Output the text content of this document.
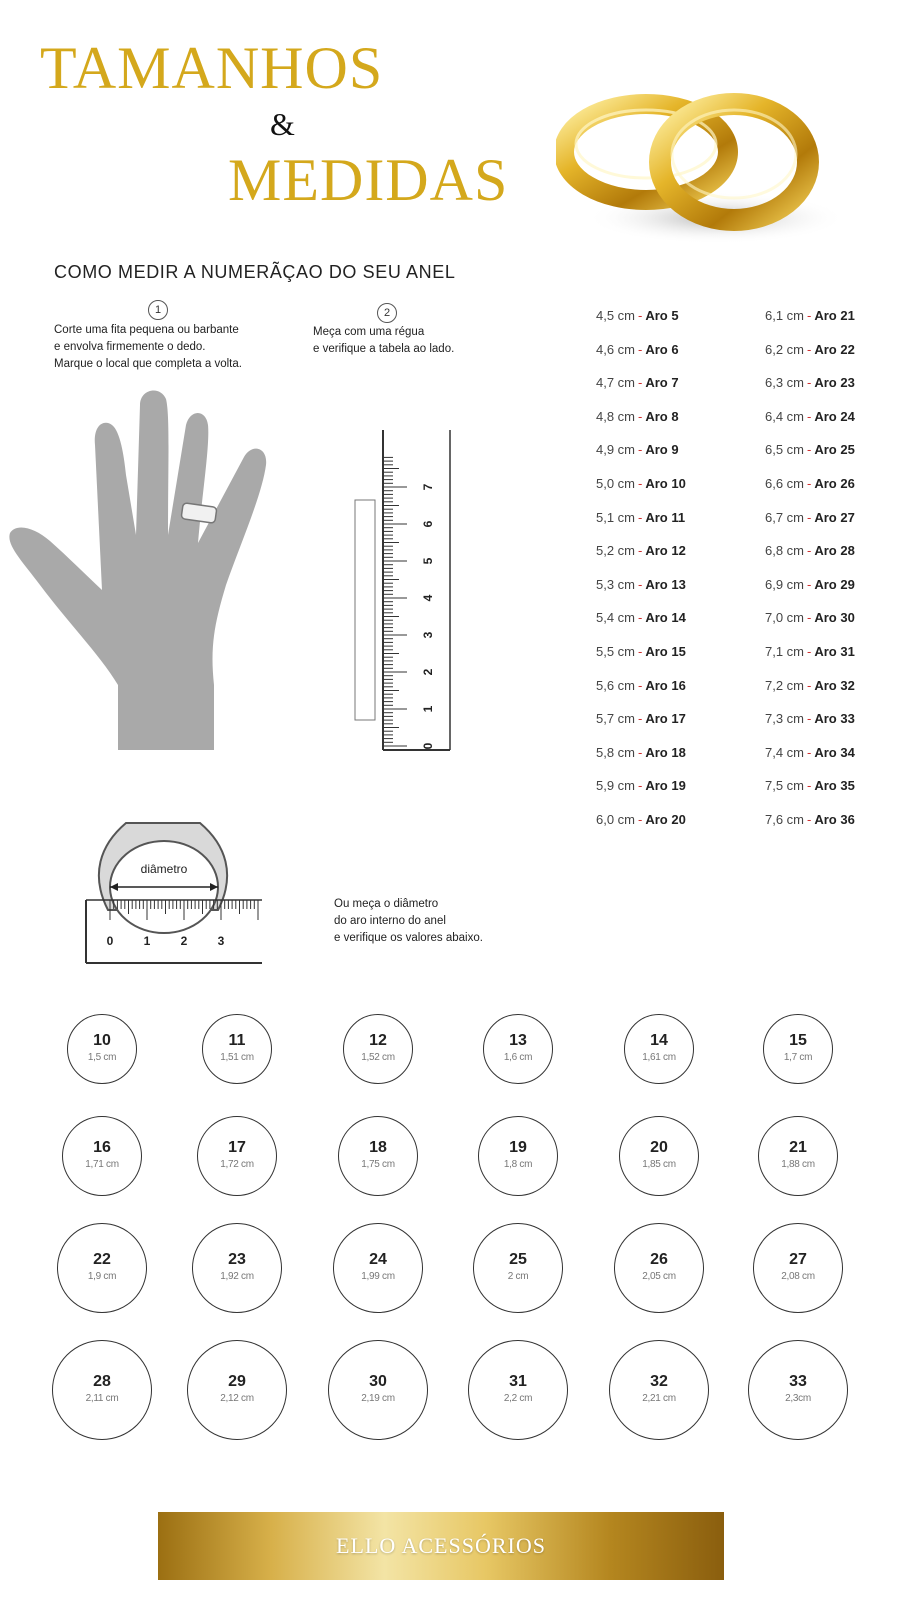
TAMANHOS
&
MEDIDAS
COMO MEDIR A NUMERÃÇAO DO SEU ANEL
1
Corte uma fita pequena ou barbante
e envolva firmemente o dedo.
Marque o local que completa a volta.
2
Meça com uma régua
e verifique a tabela ao lado.
7
6
5
4
3
2
1
0
4,5 cm - Aro 5
4,6 cm - Aro 6
4,7 cm - Aro 7
4,8 cm - Aro 8
4,9 cm - Aro 9
5,0 cm - Aro 10
5,1 cm - Aro 11
5,2 cm - Aro 12
5,3 cm - Aro 13
5,4 cm - Aro 14
5,5 cm - Aro 15
5,6 cm - Aro 16
5,7 cm - Aro 17
5,8 cm - Aro 18
5,9 cm - Aro 19
6,0 cm - Aro 20
6,1 cm - Aro 21
6,2 cm - Aro 22
6,3 cm - Aro 23
6,4 cm - Aro 24
6,5 cm - Aro 25
6,6 cm - Aro 26
6,7 cm - Aro 27
6,8 cm - Aro 28
6,9 cm - Aro 29
7,0 cm - Aro 30
7,1 cm - Aro 31
7,2 cm - Aro 32
7,3 cm - Aro 33
7,4 cm - Aro 34
7,5 cm - Aro 35
7,6 cm - Aro 36
diâmetro
0	1	2	3
Ou meça o diâmetro
do aro interno do anel
e verifique os valores abaixo.
10
1,5 cm
11
1,51 cm
12
1,52 cm
13
1,6 cm
14
1,61 cm
15
1,7 cm
16
1,71 cm
17
1,72 cm
18
1,75 cm
19
1,8 cm
20
1,85 cm
21
1,88 cm
22
1,9 cm
23
1,92 cm
24
1,99 cm
25
2 cm
26
2,05 cm
27
2,08 cm
28
2,11 cm
29
2,12 cm
30
2,19 cm
31
2,2 cm
32
2,21 cm
33
2,3cm
ELLO ACESSÓRIOS
